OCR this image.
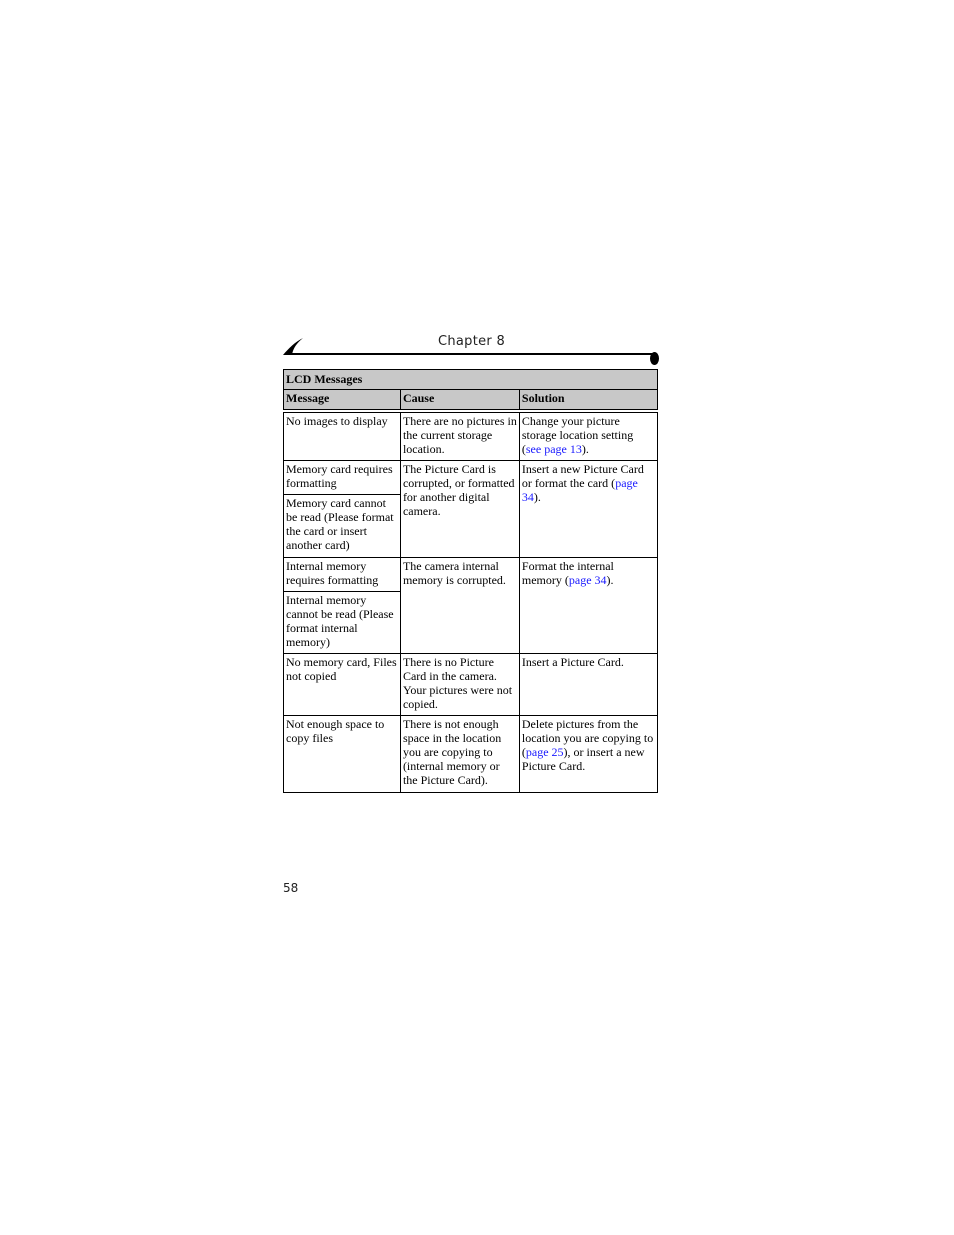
Chapter 8
LCD Messages		
Message	Cause	Solution
No images to display	There are no pictures in the current storage location.	Change your picture storage location setting (see page 13).
Memory card requires formatting	The Picture Card is corrupted, or formatted for another digital camera.	Insert a new Picture Card or format the card (page 34).
Memory card cannot be read (Please format the card or insert another card)		
Internal memory requires formatting	The camera internal memory is corrupted.	Format the internal memory (page 34).
Internal memory cannot be read (Please format internal memory)		
No memory card, Files not copied	There is no Picture Card in the camera. Your pictures were not copied.	Insert a Picture Card.
Not enough space to copy files	There is not enough space in the location you are copying to (internal memory or the Picture Card).	Delete pictures from the location you are copying to (page 25), or insert a new Picture Card.
58
